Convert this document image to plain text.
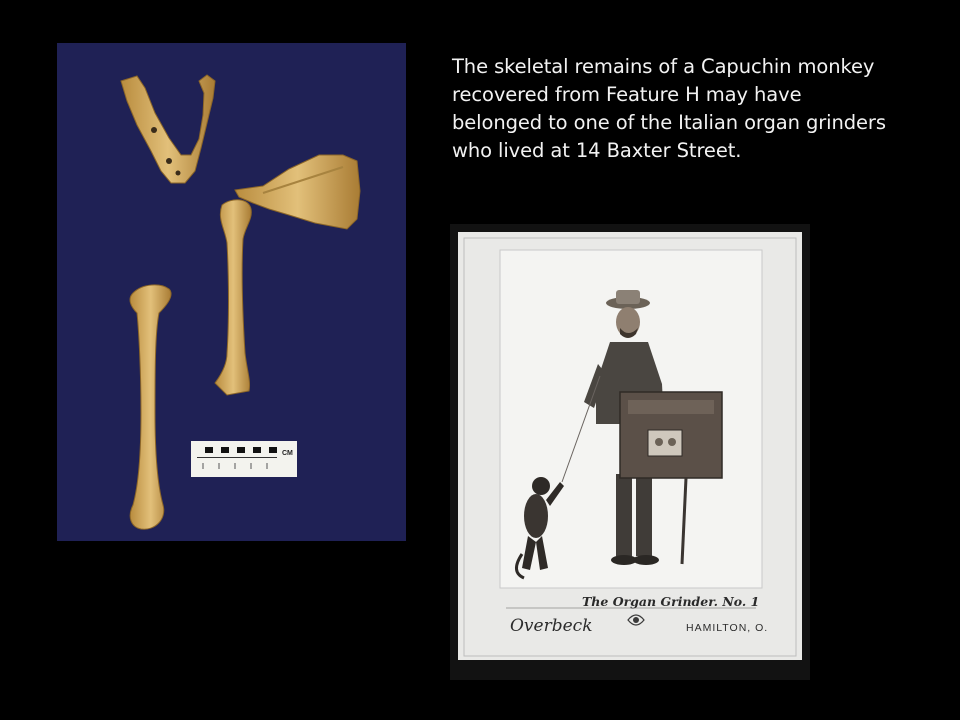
CM
The skeletal remains of a Capuchin monkey recovered from Feature H may have belonged to one of the Italian organ grinders who lived at 14 Baxter Street.
The Organ Grinder. No. 1
Overbeck	HAMILTON, O.
